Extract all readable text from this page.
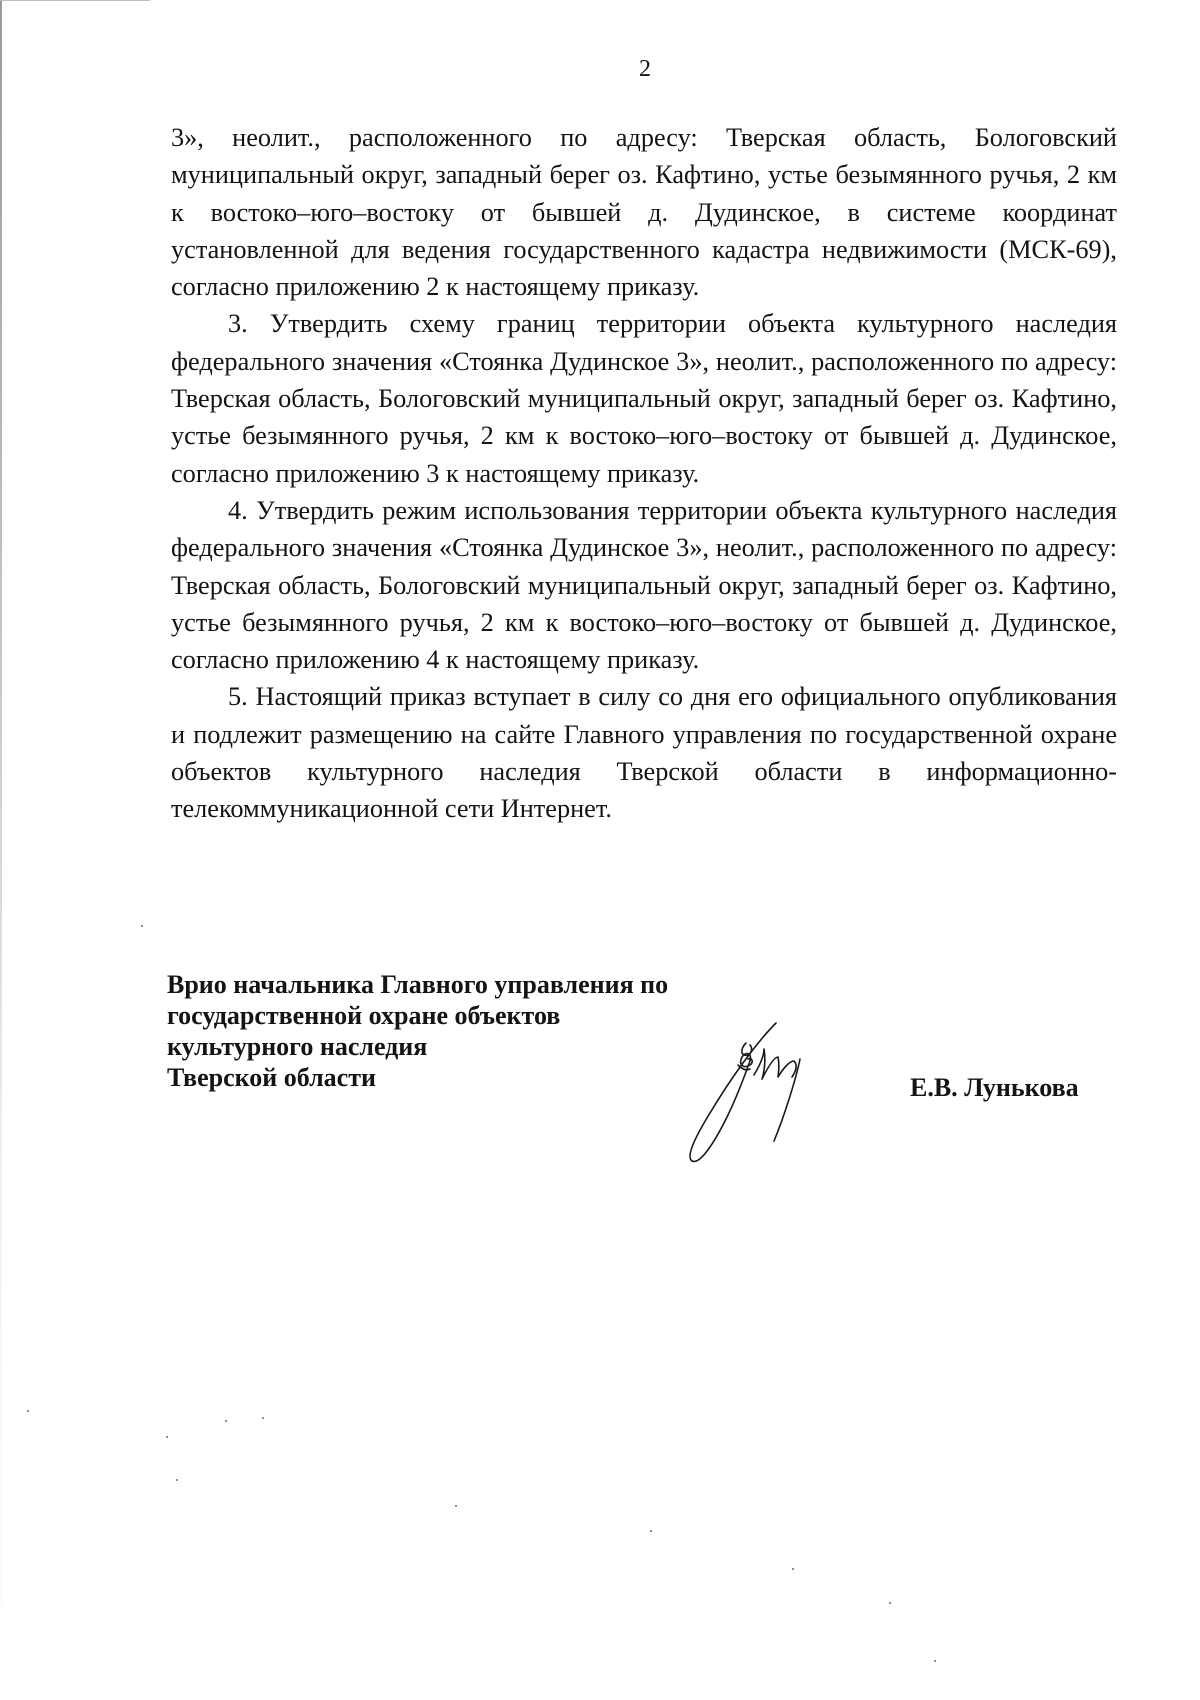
2

3», неолит., расположенного по адресу: Тверская область, Бологовский муниципальный округ, западный берег оз. Кафтино, устье безымянного ручья, 2 км к востоко–юго–востоку от бывшей д. Дудинское, в системе координат установленной для ведения государственного кадастра недвижимости (МСК-69), согласно приложению 2 к настоящему приказу.

3. Утвердить схему границ территории объекта культурного наследия федерального значения «Стоянка Дудинское 3», неолит., расположенного по адресу: Тверская область, Бологовский муниципальный округ, западный берег оз. Кафтино, устье безымянного ручья, 2 км к востоко–юго–востоку от бывшей д. Дудинское, согласно приложению 3 к настоящему приказу.

4. Утвердить режим использования территории объекта культурного наследия федерального значения «Стоянка Дудинское 3», неолит., расположенного по адресу: Тверская область, Бологовский муниципальный округ, западный берег оз. Кафтино, устье безымянного ручья, 2 км к востоко–юго–востоку от бывшей д. Дудинское, согласно приложению 4 к настоящему приказу.

5. Настоящий приказ вступает в силу со дня его официального опубликования и подлежит размещению на сайте Главного управления по государственной охране объектов культурного наследия Тверской области в информационно-телекоммуникационной сети Интернет.

Врио начальника Главного управления по
государственной охране объектов
культурного наследия
Тверской области	Е.В. Лунькова
